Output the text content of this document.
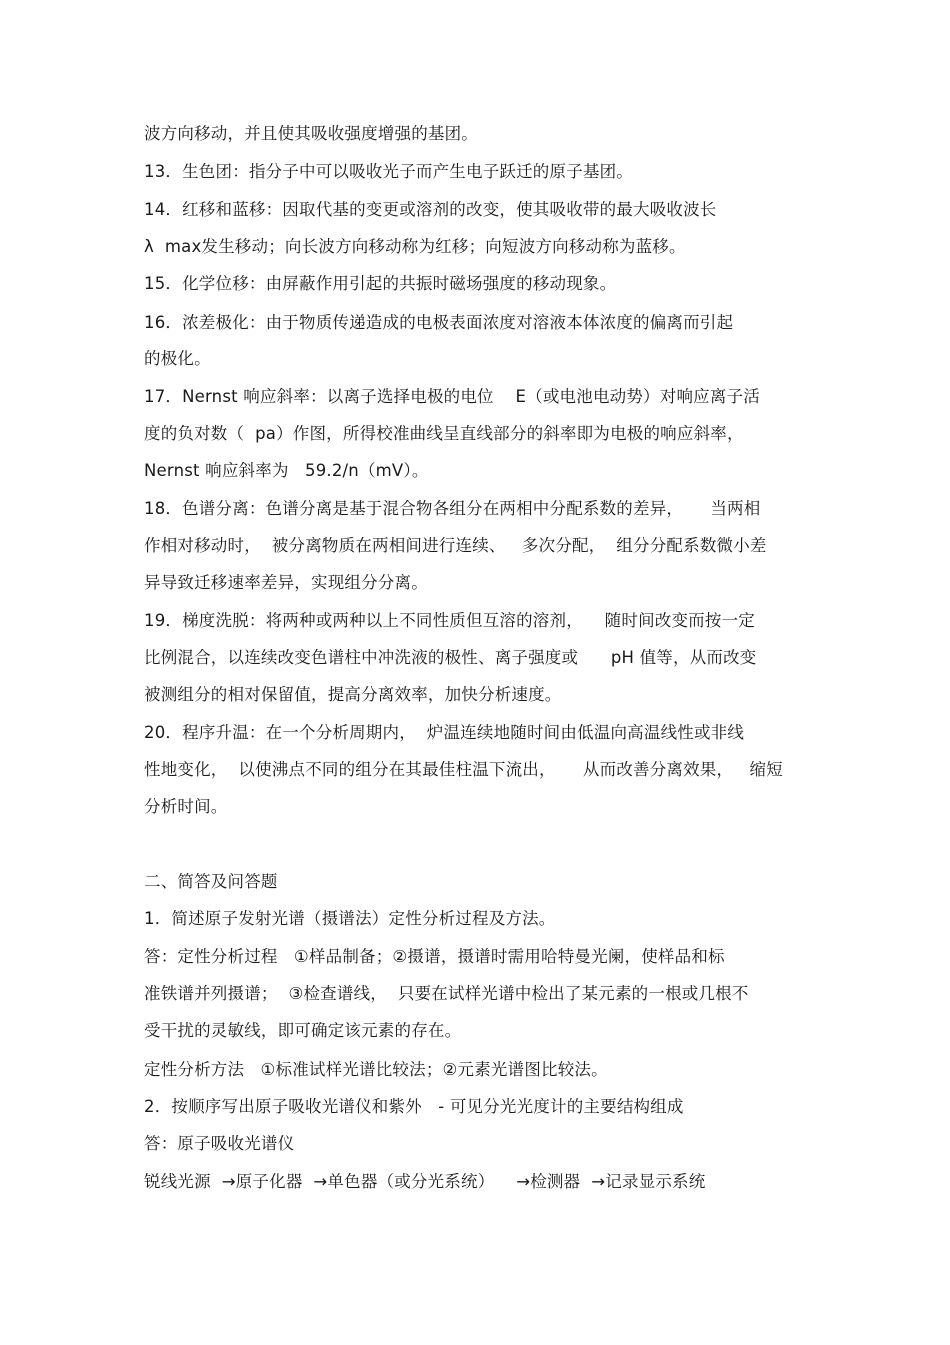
波方向移动，并且使其吸收强度增强的基团。
13．生色团：指分子中可以吸收光子而产生电子跃迁的原子基团。
14．红移和蓝移：因取代基的变更或溶剂的改变，使其吸收带的最大吸收波长
λ  max发生移动；向长波方向移动称为红移；向短波方向移动称为蓝移。
15．化学位移：由屏蔽作用引起的共振时磁场强度的移动现象。
16．浓差极化：由于物质传递造成的电极表面浓度对溶液本体浓度的偏离而引起
的极化。
17．Nernst 响应斜率：以离子选择电极的电位    E（或电池电动势）对响应离子活
度的负对数（  pa）作图，所得校准曲线呈直线部分的斜率即为电极的响应斜率，
Nernst 响应斜率为   59.2/n（mV）。
18．色谱分离：色谱分离是基于混合物各组分在两相中分配系数的差异，     当两相
作相对移动时，  被分离物质在两相间进行连续、   多次分配，  组分分配系数微小差
异导致迁移速率差异，实现组分分离。
19．梯度洗脱：将两种或两种以上不同性质但互溶的溶剂，    随时间改变而按一定
比例混合，以连续改变色谱柱中冲洗液的极性、离子强度或      pH 值等，从而改变
被测组分的相对保留值，提高分离效率，加快分析速度。
20．程序升温：在一个分析周期内，  炉温连续地随时间由低温向高温线性或非线
性地变化，  以使沸点不同的组分在其最佳柱温下流出，     从而改善分离效果，   缩短
分析时间。
二、简答及问答题
1．简述原子发射光谱（摄谱法）定性分析过程及方法。
答：定性分析过程   ①样品制备；②摄谱，摄谱时需用哈特曼光阑，使样品和标
准铁谱并列摄谱；  ③检查谱线，  只要在试样光谱中检出了某元素的一根或几根不
受干扰的灵敏线，即可确定该元素的存在。
定性分析方法   ①标准试样光谱比较法；②元素光谱图比较法。
2．按顺序写出原子吸收光谱仪和紫外   - 可见分光光度计的主要结构组成
答：原子吸收光谱仪
锐线光源  →原子化器  →单色器（或分光系统）    →检测器  →记录显示系统
